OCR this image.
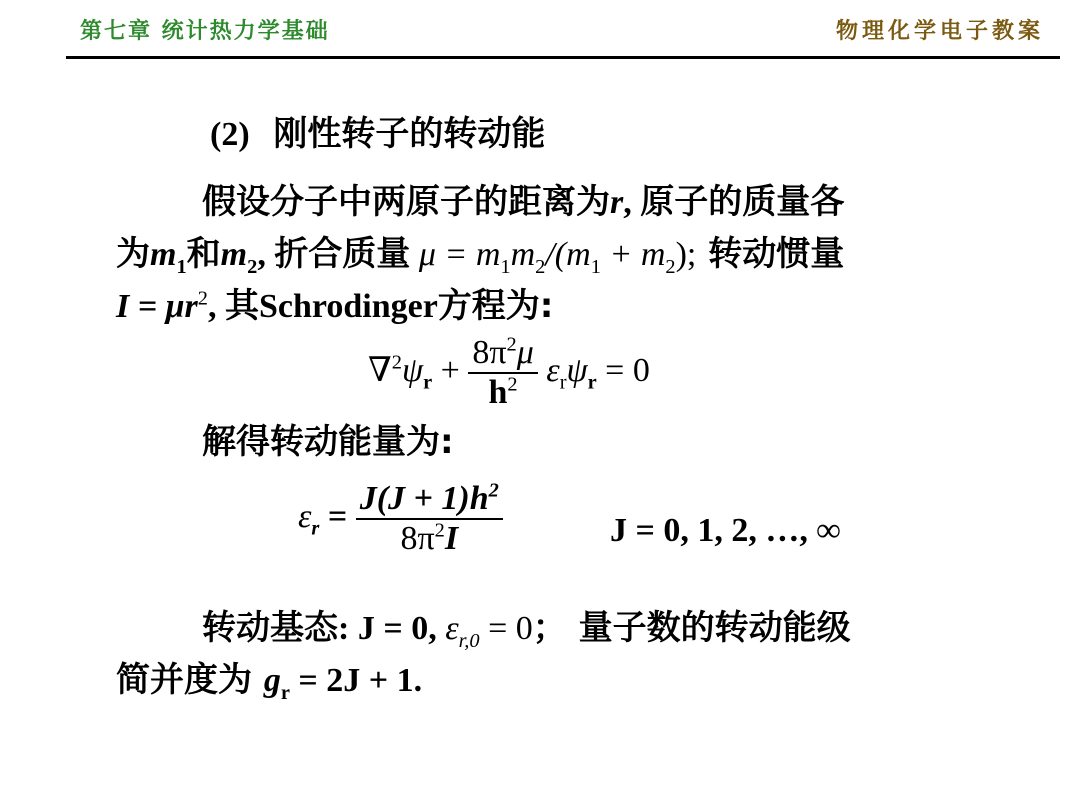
第七章 统计热力学基础	物理化学电子教案
(2) 刚性转子的转动能
假设分子中两原子的距离为r, 原子的质量各
为$m_1$和$m_2$, 折合质量 $\mu = m_1m_2/(m_1 + m_2)$; 转动惯量
$I = \mu r^2$, 其Schrodinger方程为:
$\nabla^2\psi_r + \frac{8\pi^2\mu}{h^2} \varepsilon_r\psi_r = 0$
解得转动能量为:
$\varepsilon_r = \frac{J(J + 1)h^2}{8\pi^2I}$	J = 0, 1, 2, …, ∞
转动基态: J = 0, $\varepsilon_{r,0} = 0$； 量子数的转动能级
简并度为 $g_r = 2J + 1$.
